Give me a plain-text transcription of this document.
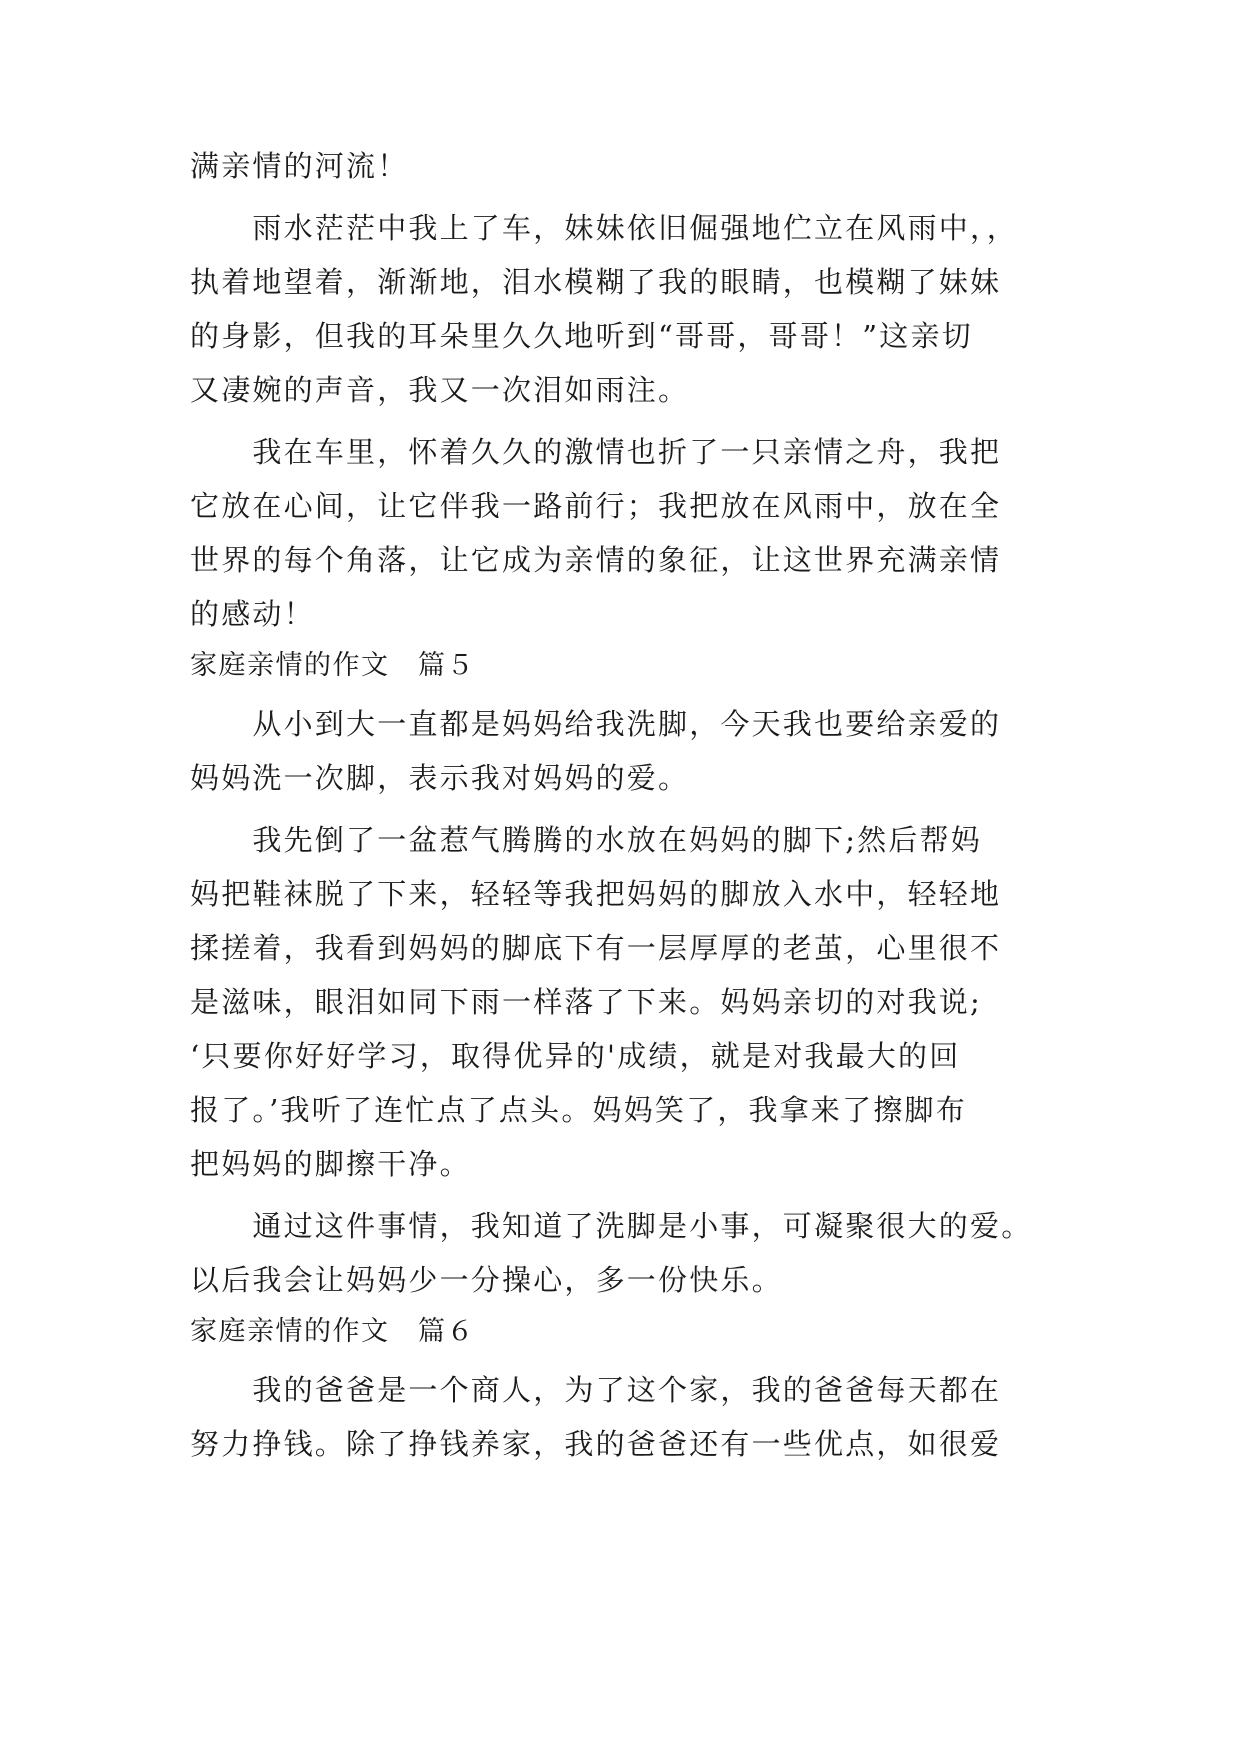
满亲情的河流！
　　雨水茫茫中我上了车，妹妹依旧倔强地伫立在风雨中，，
执着地望着，渐渐地，泪水模糊了我的眼睛，也模糊了妹妹
的身影，但我的耳朵里久久地听到“哥哥，哥哥！”这亲切
又凄婉的声音，我又一次泪如雨注。
　　我在车里，怀着久久的激情也折了一只亲情之舟，我把
它放在心间，让它伴我一路前行；我把放在风雨中，放在全
世界的每个角落，让它成为亲情的象征，让这世界充满亲情
的感动！
家庭亲情的作文　篇５
　　从小到大一直都是妈妈给我洗脚，今天我也要给亲爱的
妈妈洗一次脚，表示我对妈妈的爱。
　　我先倒了一盆惹气腾腾的水放在妈妈的脚下;然后帮妈
妈把鞋袜脱了下来，轻轻等我把妈妈的脚放入水中，轻轻地
揉搓着，我看到妈妈的脚底下有一层厚厚的老茧，心里很不
是滋味，眼泪如同下雨一样落了下来。妈妈亲切的对我说;
‘只要你好好学习，取得优异的'成绩，就是对我最大的回
报了。’我听了连忙点了点头。妈妈笑了，我拿来了擦脚布
把妈妈的脚擦干净。
　　通过这件事情，我知道了洗脚是小事，可凝聚很大的爱。
以后我会让妈妈少一分操心，多一份快乐。
家庭亲情的作文　篇６
　　我的爸爸是一个商人，为了这个家，我的爸爸每天都在
努力挣钱。除了挣钱养家，我的爸爸还有一些优点，如很爱
